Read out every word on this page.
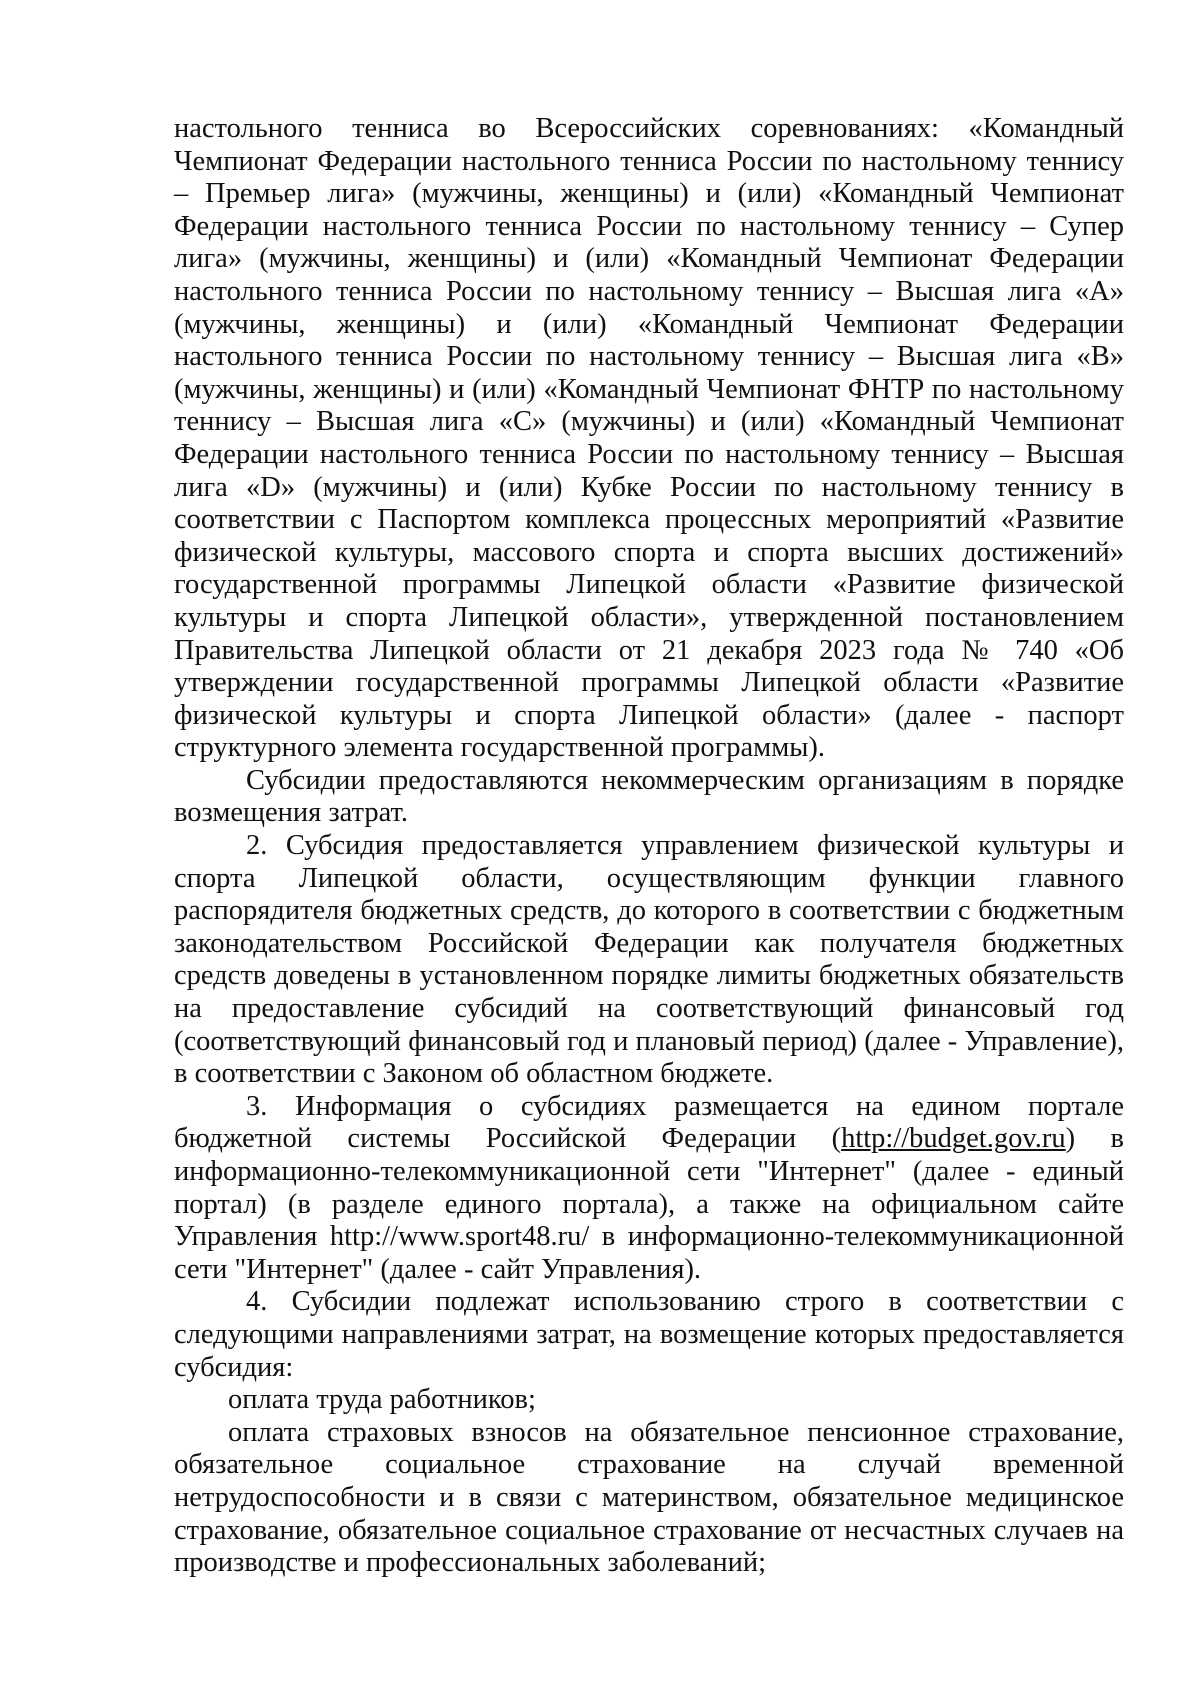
настольного тенниса во Всероссийских соревнованиях: «Командный Чемпионат Федерации настольного тенниса России по настольному теннису – Премьер лига» (мужчины, женщины) и (или) «Командный Чемпионат Федерации настольного тенниса России по настольному теннису – Супер лига» (мужчины, женщины) и (или) «Командный Чемпионат Федерации настольного тенниса России по настольному теннису – Высшая лига «А» (мужчины, женщины) и (или) «Командный Чемпионат Федерации настольного тенниса России по настольному теннису – Высшая лига «В» (мужчины, женщины) и (или) «Командный Чемпионат ФНТР по настольному теннису – Высшая лига «С» (мужчины) и (или) «Командный Чемпионат Федерации настольного тенниса России по настольному теннису – Высшая лига «D» (мужчины) и (или) Кубке России по настольному теннису в соответствии с Паспортом комплекса процессных мероприятий «Развитие физической культуры, массового спорта и спорта высших достижений» государственной программы Липецкой области «Развитие физической культуры и спорта Липецкой области», утвержденной постановлением Правительства Липецкой области от 21 декабря 2023 года № 740 «Об утверждении государственной программы Липецкой области «Развитие физической культуры и спорта Липецкой области» (далее - паспорт структурного элемента государственной программы).

Субсидии предоставляются некоммерческим организациям в порядке возмещения затрат.

2. Субсидия предоставляется управлением физической культуры и спорта Липецкой области, осуществляющим функции главного распорядителя бюджетных средств, до которого в соответствии с бюджетным законодательством Российской Федерации как получателя бюджетных средств доведены в установленном порядке лимиты бюджетных обязательств на предоставление субсидий на соответствующий финансовый год (соответствующий финансовый год и плановый период) (далее - Управление), в соответствии с Законом об областном бюджете.

3. Информация о субсидиях размещается на едином портале бюджетной системы Российской Федерации (http://budget.gov.ru) в информационно-телекоммуникационной сети "Интернет" (далее - единый портал) (в разделе единого портала), а также на официальном сайте Управления http://www.sport48.ru/ в информационно-телекоммуникационной сети "Интернет" (далее - сайт Управления).

4. Субсидии подлежат использованию строго в соответствии с следующими направлениями затрат, на возмещение которых предоставляется субсидия:

оплата труда работников;

оплата страховых взносов на обязательное пенсионное страхование, обязательное социальное страхование на случай временной нетрудоспособности и в связи с материнством, обязательное медицинское страхование, обязательное социальное страхование от несчастных случаев на производстве и профессиональных заболеваний;
